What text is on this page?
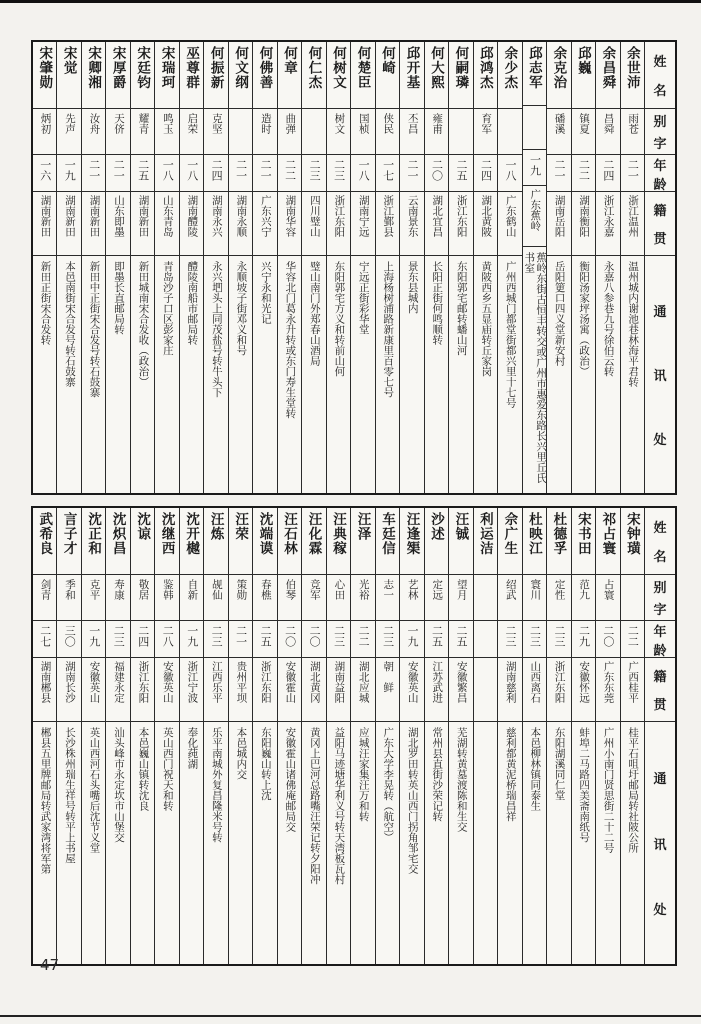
姓
名
别
字
年
龄
籍
贯
通
讯
处
余世沛
雨苍
二一
浙江温州
温州城内谢池巷林海平君转
余昌舜
昌舜
二四
浙江永嘉
永嘉八参巷九号徐伯云转
邱巍
镇夏
二二
湖南衡阳
衡阳汤家坪汤寓（政治）
余克治
磻溪
二一
湖南岳阳
岳阳筻口四义堂新安村
邱志军
一九
广东蕉岭
蕉岭东街古恒丰转交或广州市惠爱东路长兴里丘氏书室
余少杰
一八
广东鹤山
广州西城门都堂街都兴里十七号
邱鸿杰
育军
二四
湖北黄陂
黄陂西乡五显庙转丘家岗
何嗣璘
二五
浙江东阳
东阳郭宅邮转蟠山河
何大熙
雍甫
二〇
湖北宜昌
长阳正街何鸣顺转
邱开基
丕昌
二一
云南景东
景东县城内
何崎
侠民
一七
浙江鄞县
上海杨树浦路新康里百零七号
何楚臣
国桢
一八
湖南宁远
宁远正街彩华堂
何树文
树文
二三
浙江东阳
东阳郭宅方义和转前山何
何仁杰
二三
四川璧山
璧山南门外郑春山酒局
何章
曲弹
二二
湖南华容
华容北门葛永升转或东门寿生堂转
何佛善
造时
二一
广东兴宁
兴宁永和光记
何文纲
二一
湖南永顺
永顺坡子街邓义和号
何振新
克坚
二四
湖南永兴
永兴垇头上同茂盐号转牛头下
巫尊群
启荣
一八
湖南醴陵
醴陵南船市邮局转
宋瑞珂
鸣玉
一八
山东青岛
青岛沙子口区彭家庄
宋廷钧
耀青
二五
湖南新田
新田城南宋合发收（政治）
宋厚爵
天侪
二一
山东即墨
即墨长直邮局转
宋卿湘
汝舟
二一
湖南新田
新田中正街宋合发号转石鼓寨
宋觉
先声
一九
湖南新田
本邑南街宋合发号转石鼓寨
宋肇勋
炳初
一六
湖南新田
新田正街宋合发转
姓
名
别
字
年
龄
籍
贯
通
讯
处
宋钟璜
二二
广西桂平
桂平石咀圩邮局转社陂公所
祁占寰
占寰
二〇
广东东莞
广州小南门贤思街二十二号
宋书田
范九
二九
安徽怀远
蚌埠二马路四美斋南纸号
杜德孚
定性
二三
浙江东阳
东阳湖溪同仁堂
杜映江
寰川
二三
山西离石
本邑柳林镇同泰生
佘广生
绍武
二三
湖南慈利
慈利都黄泥桥瑞昌祥
利运洁
汪铖
望月
二五
安徽繁昌
芜湖转黄墓渡陈和生交
沙述
定远
二五
江苏武进
常州县直街沙荣记转
汪逢榘
艺林
一九
安徽英山
湖北罗田转英山西门拐角邹宅交
车廷信
志一
二三
朝　鲜
广东大学李晃转（航空）
汪泽
光裕
二二
湖北应城
应城汪家集汪万和转
汪典稼
心田
二三
湖南益阳
益阳马迹塘华利义号转天湾板瓦村
汪化霖
竞军
二〇
湖北黄冈
黄冈上巴河总路嘴汪荣记转夕阳冲
汪石林
伯琴
二〇
安徽霍山
安徽霍山诸佛庵邮局交
沈端谟
春樵
二五
浙江东阳
东阳巍山转上沈
汪荣
策勋
二一
贵州平坝
本邑城内交
汪炼
觇仙
二三
江西乐平
乐平南城外复昌隆米号转
沈开樾
自新
一九
浙江宁波
奉化莼湖
沈继西
鉴韩
二八
安徽英山
英山西门祝天和转
沈谅
敬居
二四
浙江东阳
本邑巍山镇转沈良
沈炽昌
寿康
二三
福建永定
汕头峰市永定坎市山堡交
沈正和
克平
一九
安徽英山
英山西河石头嘴后沈节义堂
言子才
季和
三〇
湖南长沙
长沙株州瑞生祥号转平上书屋
武希良
剑青
二七
湖南郴县
郴县五里牌邮局转武家湾将军第
47
